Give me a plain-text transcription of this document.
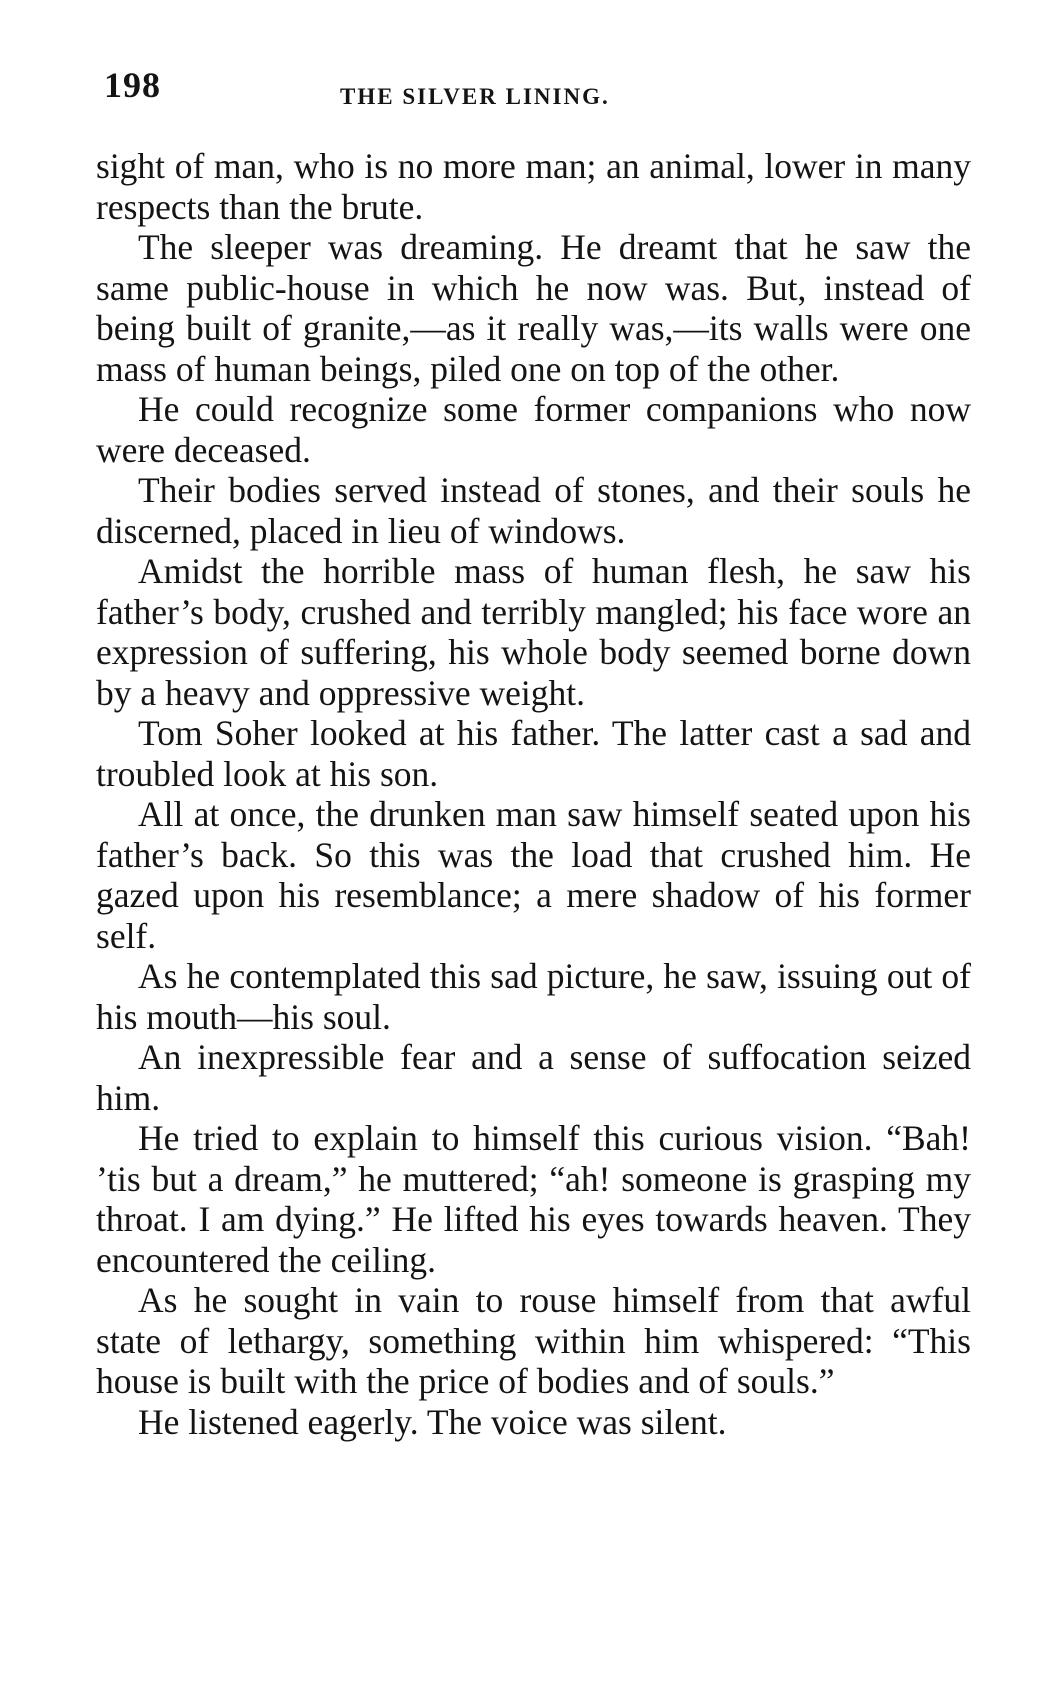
198	THE SILVER LINING.

sight of man, who is no more man; an animal, lower in many respects than the brute.

The sleeper was dreaming. He dreamt that he saw the same public-house in which he now was. But, instead of being built of granite,—as it really was,—its walls were one mass of human beings, piled one on top of the other.

He could recognize some former companions who now were deceased.

Their bodies served instead of stones, and their souls he discerned, placed in lieu of windows.

Amidst the horrible mass of human flesh, he saw his father’s body, crushed and terribly mangled; his face wore an expression of suffering, his whole body seemed borne down by a heavy and oppressive weight.

Tom Soher looked at his father. The latter cast a sad and troubled look at his son.

All at once, the drunken man saw himself seated upon his father’s back. So this was the load that crushed him. He gazed upon his resemblance; a mere shadow of his former self.

As he contemplated this sad picture, he saw, issuing out of his mouth—his soul.

An inexpressible fear and a sense of suffocation seized him.

He tried to explain to himself this curious vision. “Bah! ’tis but a dream,” he muttered; “ah! someone is grasping my throat. I am dying.” He lifted his eyes towards heaven. They encountered the ceiling.

As he sought in vain to rouse himself from that awful state of lethargy, something within him whispered: “This house is built with the price of bodies and of souls.”

He listened eagerly. The voice was silent.
